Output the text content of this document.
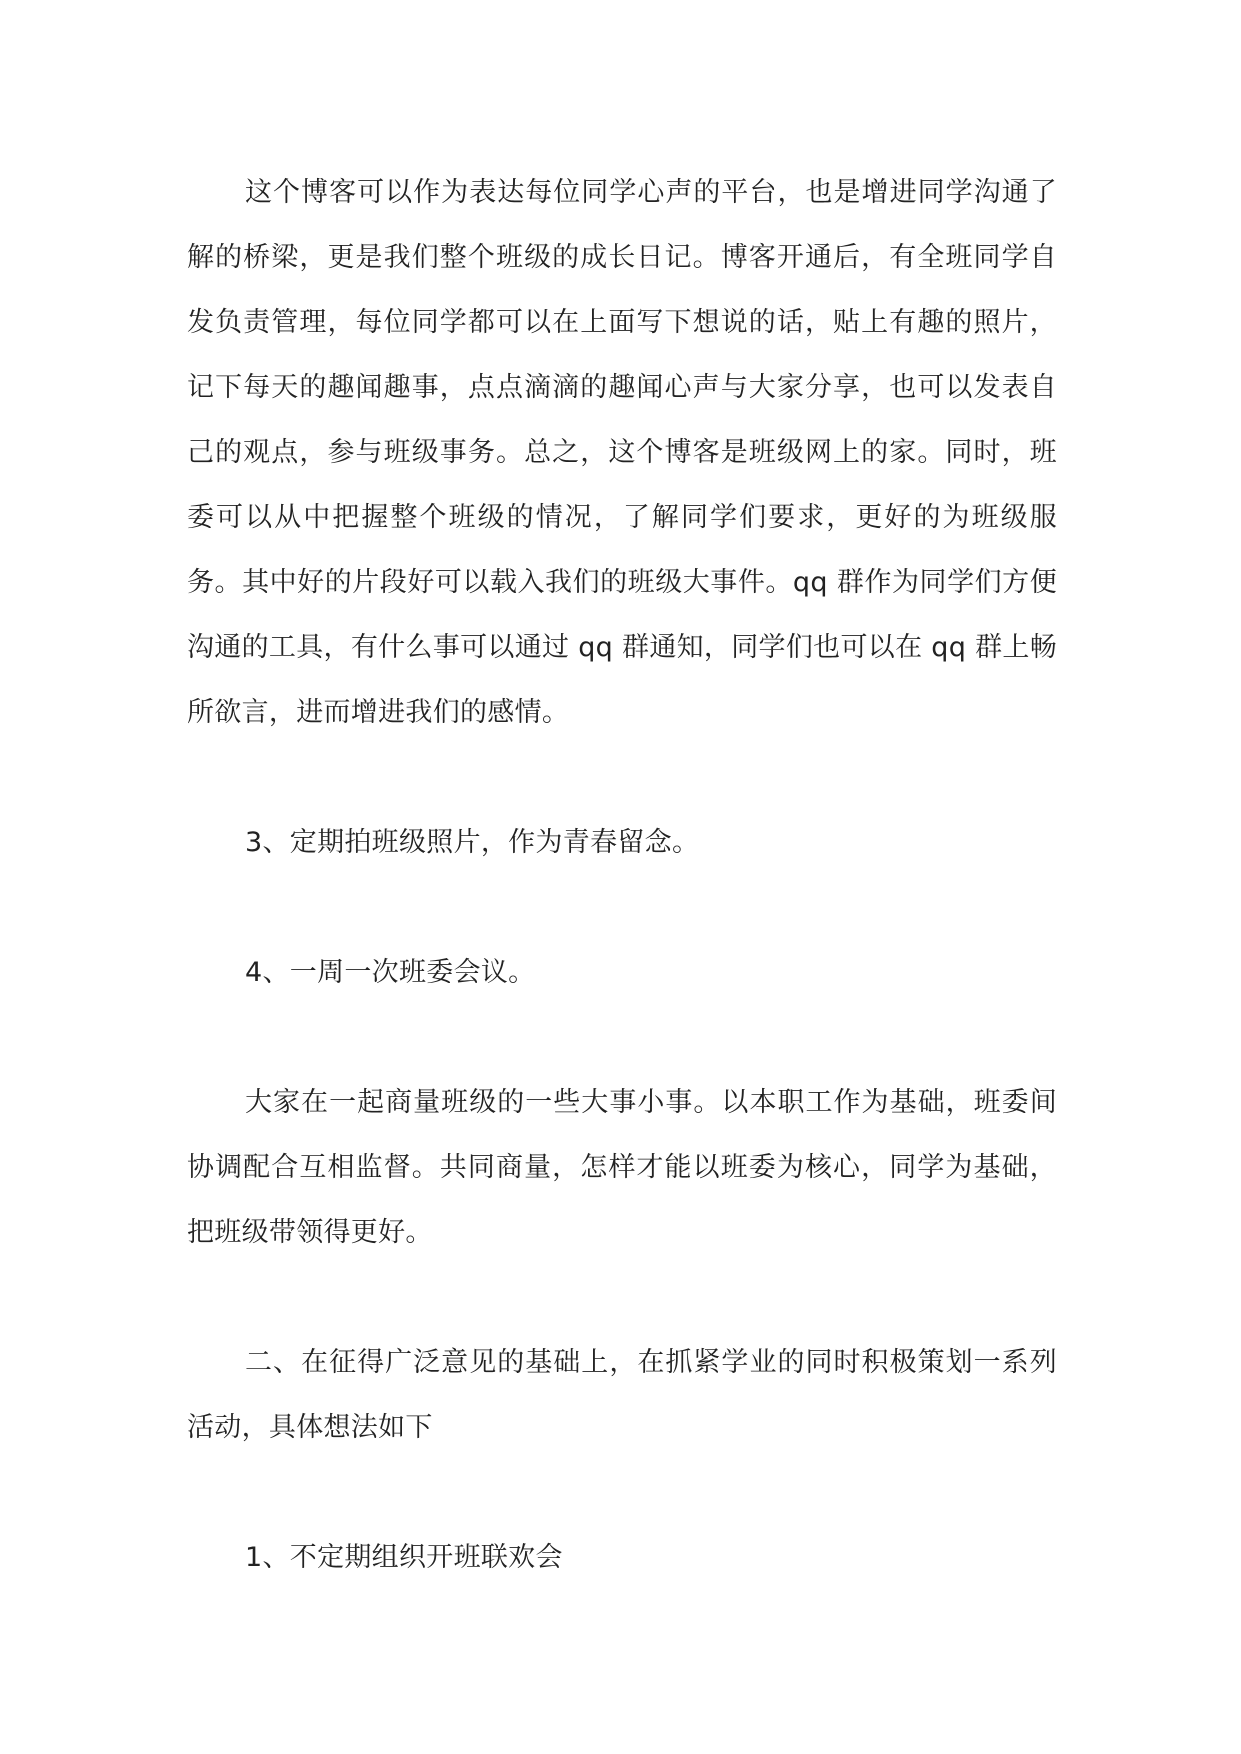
这个博客可以作为表达每位同学心声的平台，也是增进同学沟通了解的桥梁，更是我们整个班级的成长日记。博客开通后，有全班同学自发负责管理，每位同学都可以在上面写下想说的话，贴上有趣的照片，记下每天的趣闻趣事，点点滴滴的趣闻心声与大家分享，也可以发表自己的观点，参与班级事务。总之，这个博客是班级网上的家。同时，班委可以从中把握整个班级的情况，了解同学们要求，更好的为班级服务。其中好的片段好可以载入我们的班级大事件。qq 群作为同学们方便沟通的工具，有什么事可以通过 qq 群通知，同学们也可以在 qq 群上畅所欲言，进而增进我们的感情。

3、定期拍班级照片，作为青春留念。

4、一周一次班委会议。

大家在一起商量班级的一些大事小事。以本职工作为基础，班委间协调配合互相监督。共同商量，怎样才能以班委为核心，同学为基础，把班级带领得更好。

二、在征得广泛意见的基础上，在抓紧学业的同时积极策划一系列活动，具体想法如下

1、不定期组织开班联欢会
